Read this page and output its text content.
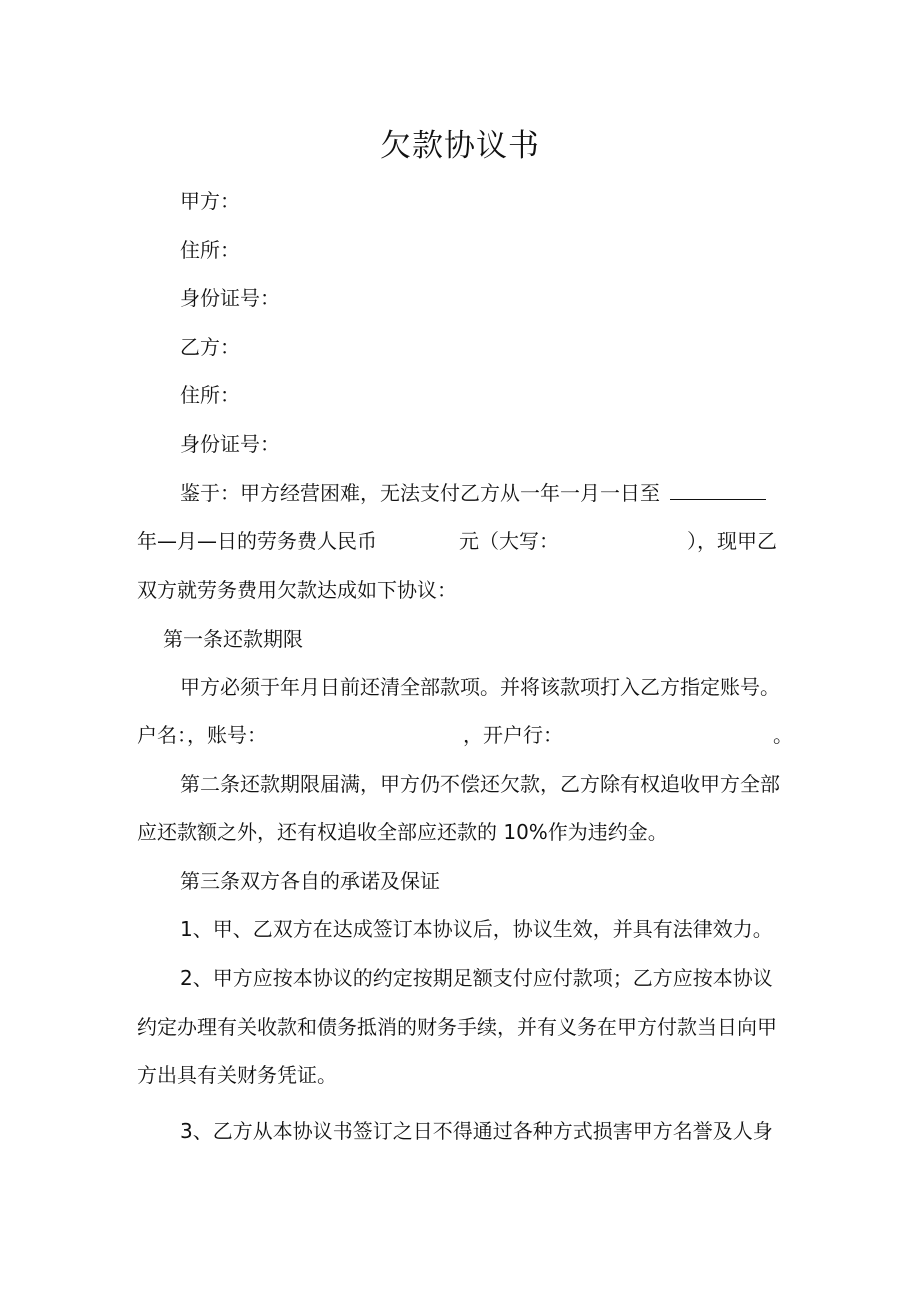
欠款协议书
甲方：
住所：
身份证号：
乙方：
住所：
身份证号：
鉴于：甲方经营困难，无法支付乙方从一年一月一日至
年—月—日的劳务费人民币	元（大写：	），现甲乙
双方就劳务费用欠款达成如下协议：
第一条还款期限
甲方必须于年月日前还清全部款项。并将该款项打入乙方指定账号。
户名：，账号：	，开户行：	。
第二条还款期限届满，甲方仍不偿还欠款，乙方除有权追收甲方全部
应还款额之外，还有权追收全部应还款的 10%作为违约金。
第三条双方各自的承诺及保证
1、甲、乙双方在达成签订本协议后，协议生效，并具有法律效力。
2、甲方应按本协议的约定按期足额支付应付款项；乙方应按本协议
约定办理有关收款和债务抵消的财务手续，并有义务在甲方付款当日向甲
方出具有关财务凭证。
3、乙方从本协议书签订之日不得通过各种方式损害甲方名誉及人身
